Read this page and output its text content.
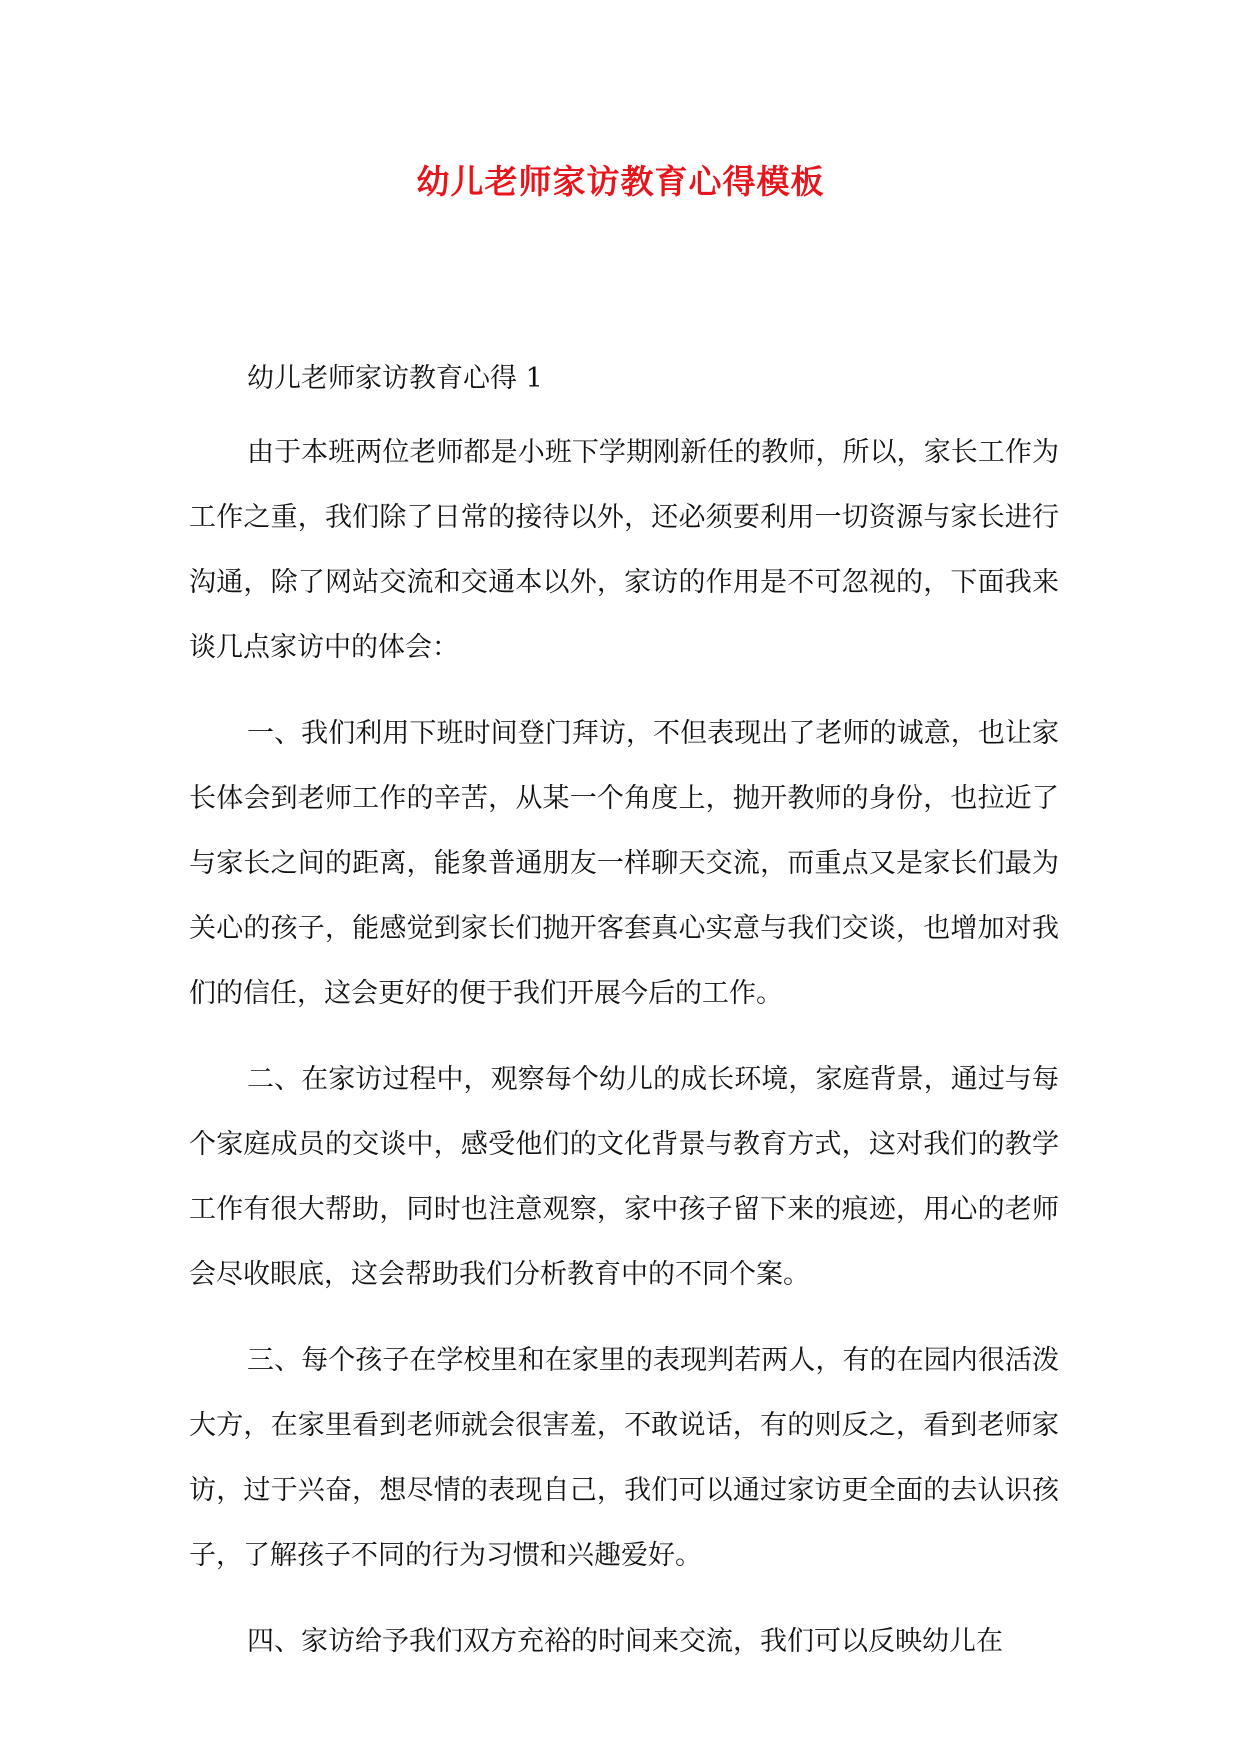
幼儿老师家访教育心得模板
幼儿老师家访教育心得 1

由于本班两位老师都是小班下学期刚新任的教师，所以，家长工作为工作之重，我们除了日常的接待以外，还必须要利用一切资源与家长进行沟通，除了网站交流和交通本以外，家访的作用是不可忽视的，下面我来谈几点家访中的体会：

一、我们利用下班时间登门拜访，不但表现出了老师的诚意，也让家长体会到老师工作的辛苦，从某一个角度上，抛开教师的身份，也拉近了与家长之间的距离，能象普通朋友一样聊天交流，而重点又是家长们最为关心的孩子，能感觉到家长们抛开客套真心实意与我们交谈，也增加对我们的信任，这会更好的便于我们开展今后的工作。

二、在家访过程中，观察每个幼儿的成长环境，家庭背景，通过与每个家庭成员的交谈中，感受他们的文化背景与教育方式，这对我们的教学工作有很大帮助，同时也注意观察，家中孩子留下来的痕迹，用心的老师会尽收眼底，这会帮助我们分析教育中的不同个案。

三、每个孩子在学校里和在家里的表现判若两人，有的在园内很活泼大方，在家里看到老师就会很害羞，不敢说话，有的则反之，看到老师家访，过于兴奋，想尽情的表现自己，我们可以通过家访更全面的去认识孩子，了解孩子不同的行为习惯和兴趣爱好。

四、家访给予我们双方充裕的时间来交流，我们可以反映幼儿在
